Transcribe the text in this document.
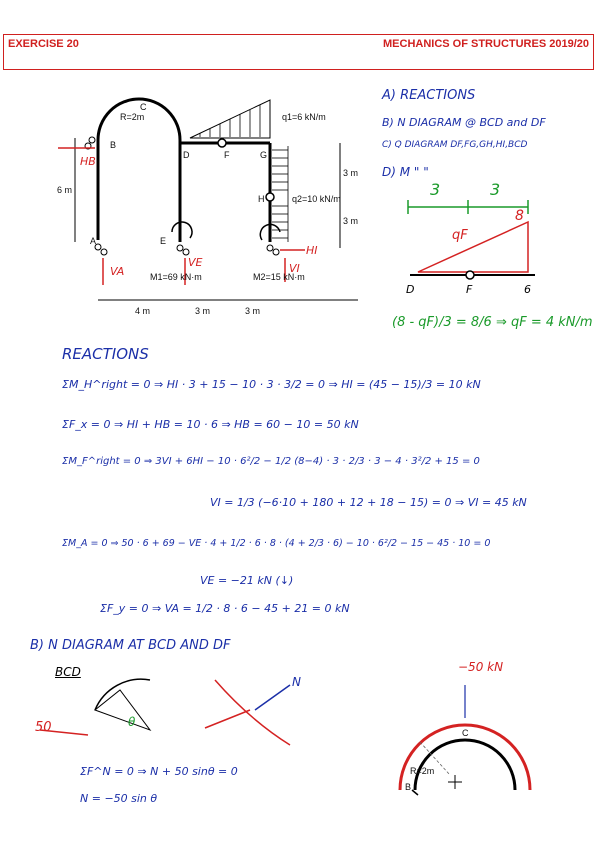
EXERCISE 20	MECHANICS OF STRUCTURES 2019/20
R=2m
C
B
D	F	G
H
A	E
q1=6 kN/m
q2=10 kN/m
M1=69 kN·m	M2=15 kN·m
6 m
3 m
3 m
4 m	3 m	3 m
HB
VA
VE
HI
VI
A) REACTIONS
B) N DIAGRAM @ BCD and DF
C) Q DIAGRAM DF,FG,GH,HI,BCD
D) M " "
3	3
qF
8
D	F	6
(8 - qF)/3 = 8/6 ⇒ qF = 4 kN/m
REACTIONS
ΣM_H^right = 0 ⇒ HI · 3 + 15 − 10 · 3 · 3/2 = 0 ⇒ HI = (45 − 15)/3 = 10 kN
ΣF_x = 0 ⇒ HI + HB = 10 · 6 ⇒ HB = 60 − 10 = 50 kN
ΣM_F^right = 0 ⇒ 3VI + 6HI − 10 · 6²/2 − 1/2 (8−4) · 3 · 2/3 · 3 − 4 · 3²/2 + 15 = 0
VI = 1/3 (−6·10 + 180 + 12 + 18 − 15) = 0 ⇒ VI = 45 kN
ΣM_A = 0 ⇒ 50 · 6 + 69 − VE · 4 + 1/2 · 6 · 8 · (4 + 2/3 · 6) − 10 · 6²/2 − 15 − 45 · 10 = 0
VE = −21 kN (↓)
ΣF_y = 0 ⇒ VA = 1/2 · 8 · 6 − 45 + 21 = 0 kN
B) N DIAGRAM AT BCD AND DF
BCD
50	θ
N
ΣF^N = 0 ⇒ N + 50 sinθ = 0
N = −50 sin θ
−50 kN
C
R=2m
B
